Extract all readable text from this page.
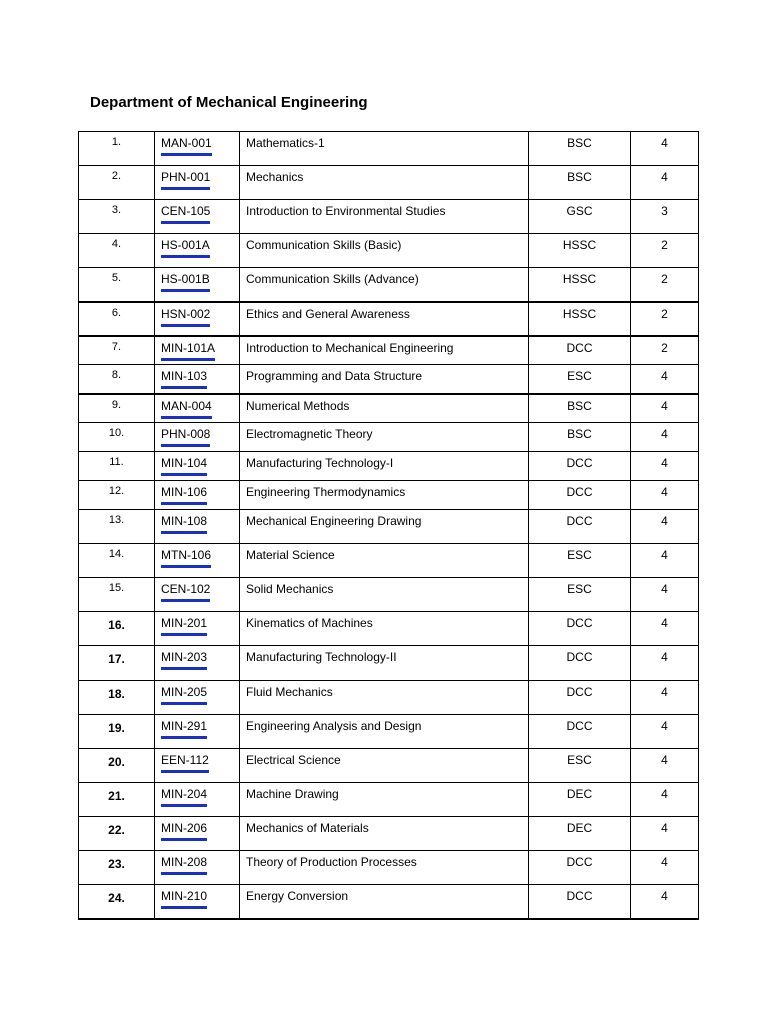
Department of Mechanical Engineering
1.	MAN-001	Mathematics-1	BSC	4
2.	PHN-001	Mechanics	BSC	4
3.	CEN-105	Introduction to Environmental Studies	GSC	3
4.	HS-001A	Communication Skills (Basic)	HSSC	2
5.	HS-001B	Communication Skills (Advance)	HSSC	2
6.	HSN-002	Ethics and General Awareness	HSSC	2
7.	MIN-101A	Introduction to Mechanical Engineering	DCC	2
8.	MIN-103	Programming and Data Structure	ESC	4
9.	MAN-004	Numerical Methods	BSC	4
10.	PHN-008	Electromagnetic Theory	BSC	4
11.	MIN-104	Manufacturing Technology-I	DCC	4
12.	MIN-106	Engineering Thermodynamics	DCC	4
13.	MIN-108	Mechanical Engineering Drawing	DCC	4
14.	MTN-106	Material Science	ESC	4
15.	CEN-102	Solid Mechanics	ESC	4
16.	MIN-201	Kinematics of Machines	DCC	4
17.	MIN-203	Manufacturing Technology-II	DCC	4
18.	MIN-205	Fluid Mechanics	DCC	4
19.	MIN-291	Engineering Analysis and Design	DCC	4
20.	EEN-112	Electrical Science	ESC	4
21.	MIN-204	Machine Drawing	DEC	4
22.	MIN-206	Mechanics of Materials	DEC	4
23.	MIN-208	Theory of Production Processes	DCC	4
24.	MIN-210	Energy Conversion	DCC	4
